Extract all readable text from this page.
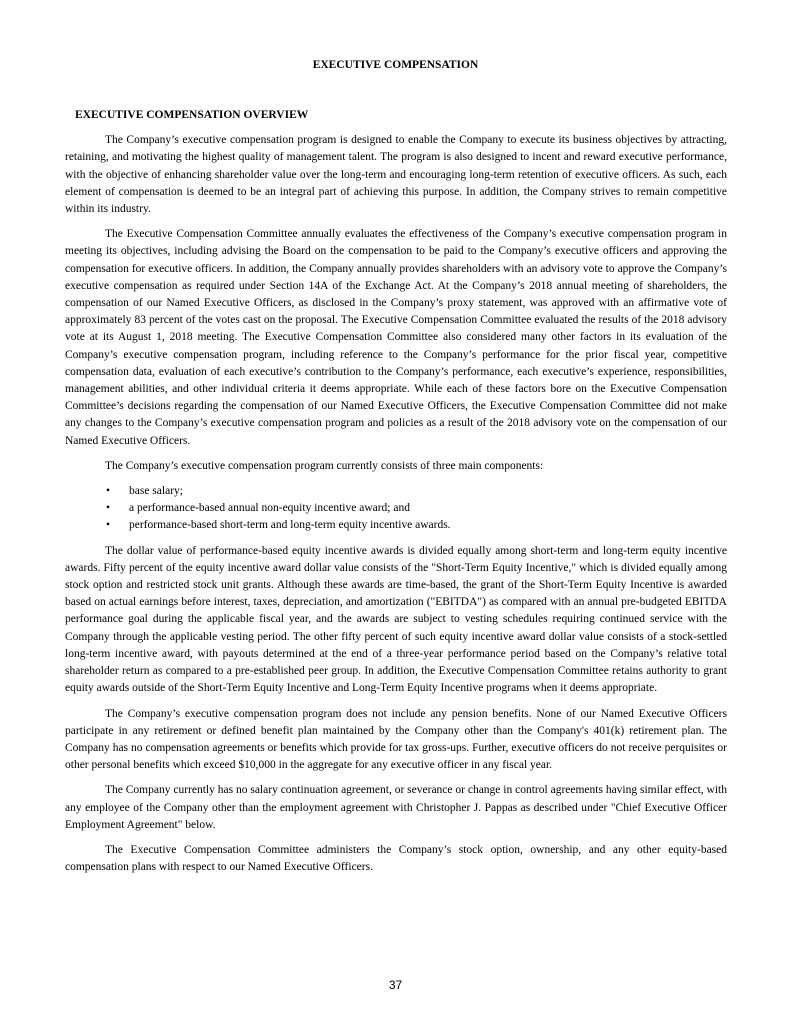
EXECUTIVE COMPENSATION
EXECUTIVE COMPENSATION OVERVIEW

The Company’s executive compensation program is designed to enable the Company to execute its business objectives by attracting, retaining, and motivating the highest quality of management talent. The program is also designed to incent and reward executive performance, with the objective of enhancing shareholder value over the long-term and encouraging long-term retention of executive officers. As such, each element of compensation is deemed to be an integral part of achieving this purpose. In addition, the Company strives to remain competitive within its industry.

The Executive Compensation Committee annually evaluates the effectiveness of the Company’s executive compensation program in meeting its objectives, including advising the Board on the compensation to be paid to the Company’s executive officers and approving the compensation for executive officers. In addition, the Company annually provides shareholders with an advisory vote to approve the Company’s executive compensation as required under Section 14A of the Exchange Act. At the Company’s 2018 annual meeting of shareholders, the compensation of our Named Executive Officers, as disclosed in the Company’s proxy statement, was approved with an affirmative vote of approximately 83 percent of the votes cast on the proposal. The Executive Compensation Committee evaluated the results of the 2018 advisory vote at its August 1, 2018 meeting. The Executive Compensation Committee also considered many other factors in its evaluation of the Company’s executive compensation program, including reference to the Company’s performance for the prior fiscal year, competitive compensation data, evaluation of each executive’s contribution to the Company’s performance, each executive’s experience, responsibilities, management abilities, and other individual criteria it deems appropriate. While each of these factors bore on the Executive Compensation Committee’s decisions regarding the compensation of our Named Executive Officers, the Executive Compensation Committee did not make any changes to the Company’s executive compensation program and policies as a result of the 2018 advisory vote on the compensation of our Named Executive Officers.

The Company’s executive compensation program currently consists of three main components:

• base salary;
• a performance-based annual non-equity incentive award; and
• performance-based short-term and long-term equity incentive awards.

The dollar value of performance-based equity incentive awards is divided equally among short-term and long-term equity incentive awards. Fifty percent of the equity incentive award dollar value consists of the "Short-Term Equity Incentive," which is divided equally among stock option and restricted stock unit grants. Although these awards are time-based, the grant of the Short-Term Equity Incentive is awarded based on actual earnings before interest, taxes, depreciation, and amortization ("EBITDA") as compared with an annual pre-budgeted EBITDA performance goal during the applicable fiscal year, and the awards are subject to vesting schedules requiring continued service with the Company through the applicable vesting period. The other fifty percent of such equity incentive award dollar value consists of a stock-settled long-term incentive award, with payouts determined at the end of a three-year performance period based on the Company’s relative total shareholder return as compared to a pre-established peer group. In addition, the Executive Compensation Committee retains authority to grant equity awards outside of the Short-Term Equity Incentive and Long-Term Equity Incentive programs when it deems appropriate.

The Company’s executive compensation program does not include any pension benefits. None of our Named Executive Officers participate in any retirement or defined benefit plan maintained by the Company other than the Company's 401(k) retirement plan. The Company has no compensation agreements or benefits which provide for tax gross-ups. Further, executive officers do not receive perquisites or other personal benefits which exceed $10,000 in the aggregate for any executive officer in any fiscal year.

The Company currently has no salary continuation agreement, or severance or change in control agreements having similar effect, with any employee of the Company other than the employment agreement with Christopher J. Pappas as described under "Chief Executive Officer Employment Agreement" below.

The Executive Compensation Committee administers the Company’s stock option, ownership, and any other equity-based compensation plans with respect to our Named Executive Officers.

37
